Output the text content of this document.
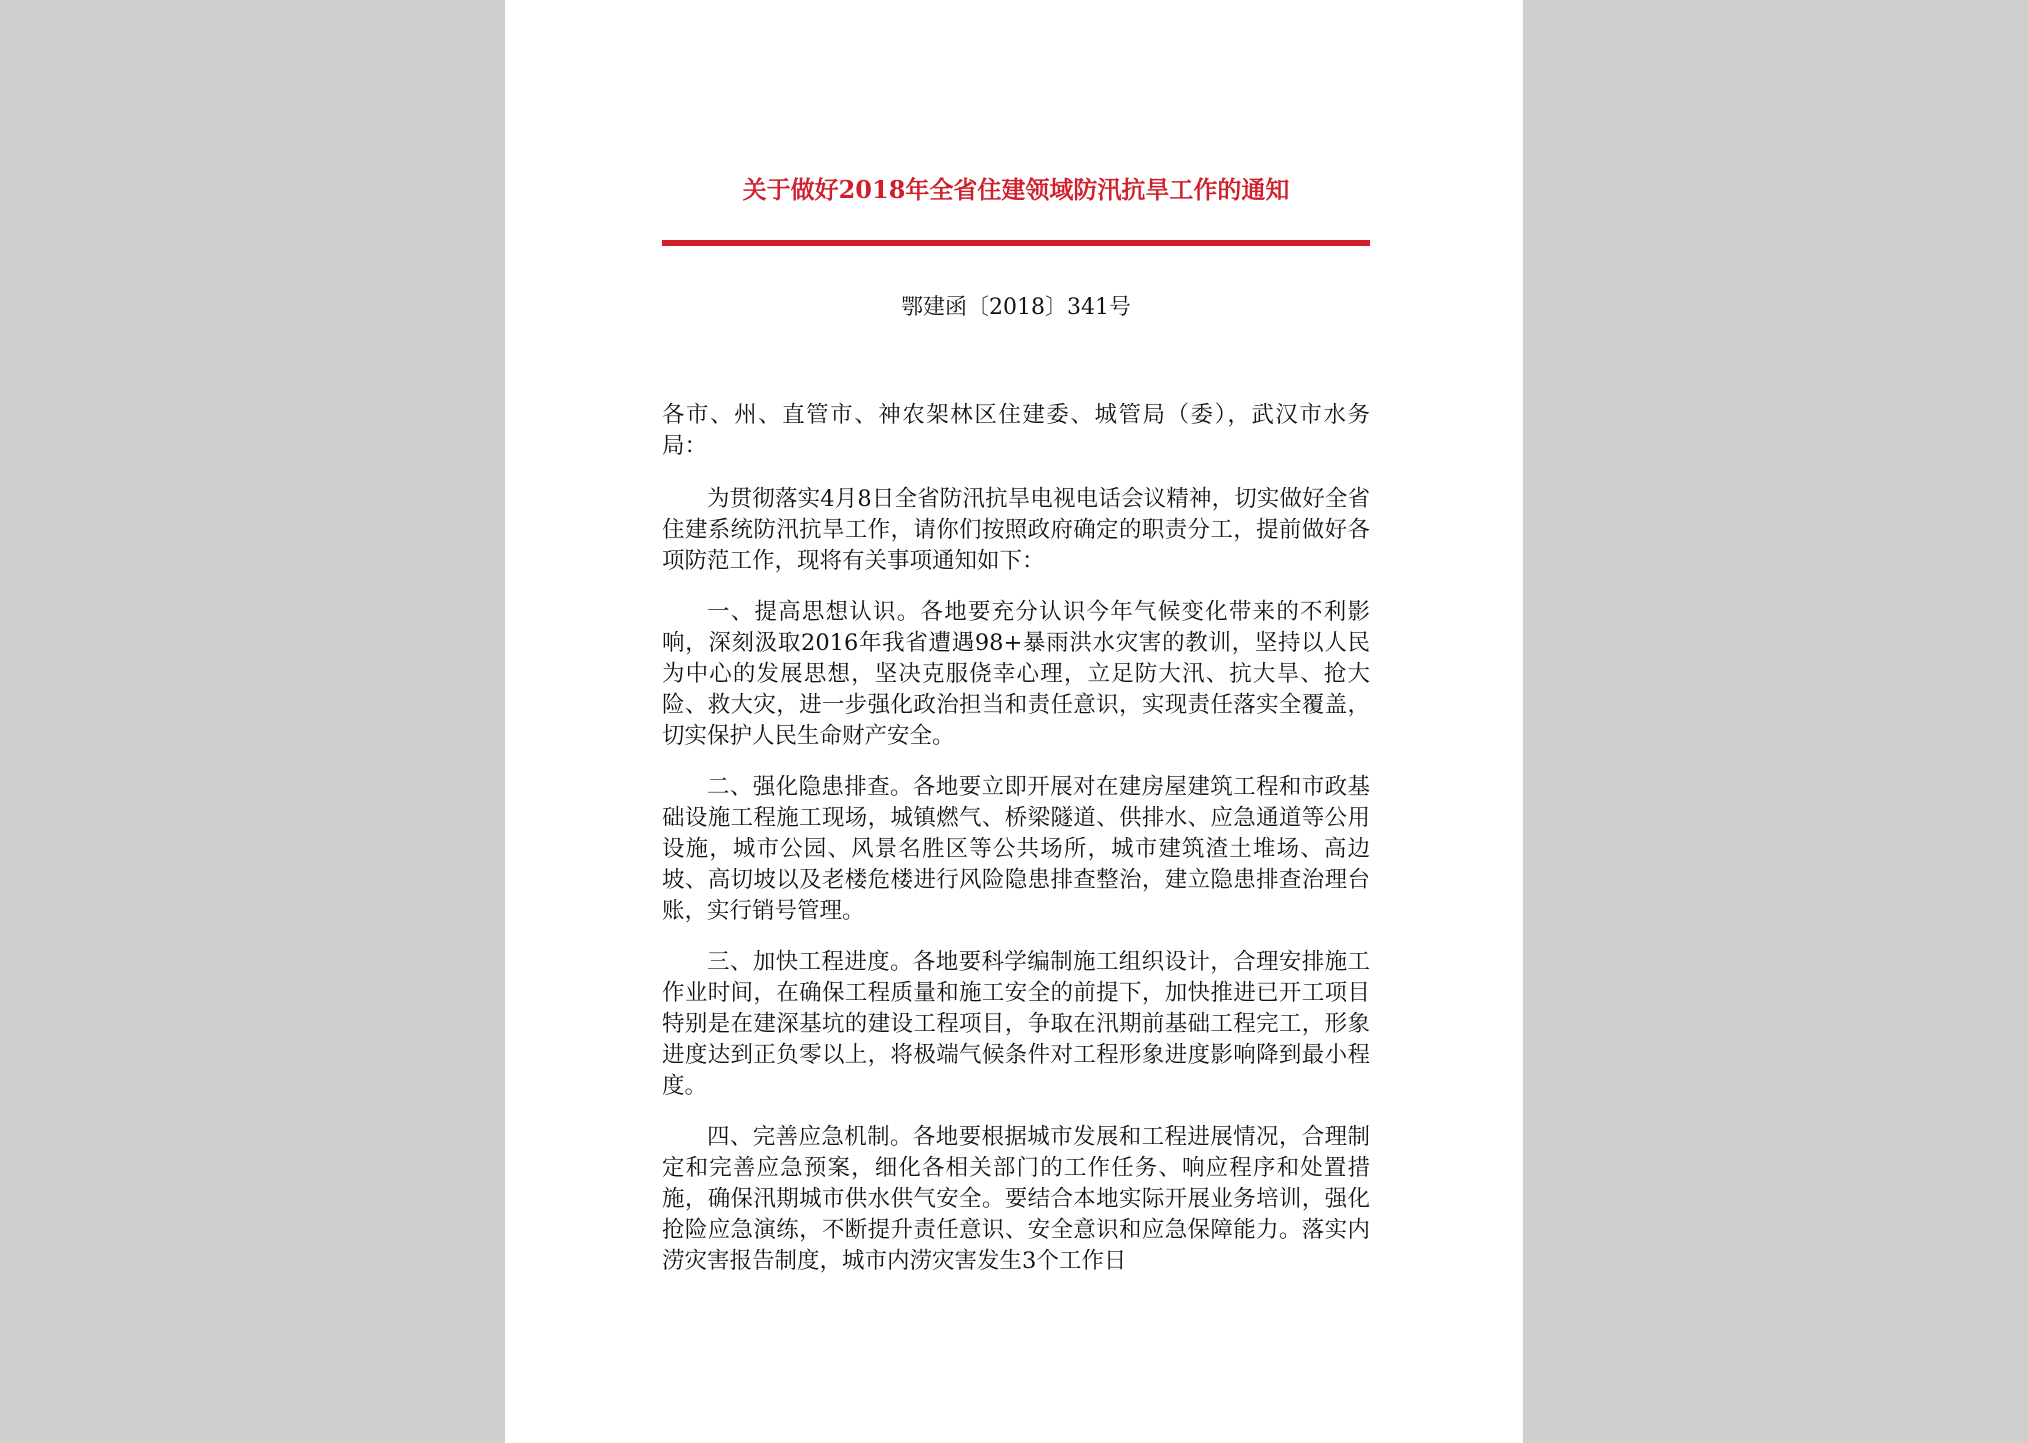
关于做好2018年全省住建领域防汛抗旱工作的通知
鄂建函〔2018〕341号

各市、州、直管市、神农架林区住建委、城管局（委），武汉市水务局：

为贯彻落实4月8日全省防汛抗旱电视电话会议精神，切实做好全省住建系统防汛抗旱工作，请你们按照政府确定的职责分工，提前做好各项防范工作，现将有关事项通知如下：

一、提高思想认识。各地要充分认识今年气候变化带来的不利影响，深刻汲取2016年我省遭遇98+暴雨洪水灾害的教训，坚持以人民为中心的发展思想，坚决克服侥幸心理，立足防大汛、抗大旱、抢大险、救大灾，进一步强化政治担当和责任意识，实现责任落实全覆盖，切实保护人民生命财产安全。

二、强化隐患排查。各地要立即开展对在建房屋建筑工程和市政基础设施工程施工现场，城镇燃气、桥梁隧道、供排水、应急通道等公用设施，城市公园、风景名胜区等公共场所，城市建筑渣土堆场、高边坡、高切坡以及老楼危楼进行风险隐患排查整治，建立隐患排查治理台账，实行销号管理。

三、加快工程进度。各地要科学编制施工组织设计，合理安排施工作业时间，在确保工程质量和施工安全的前提下，加快推进已开工项目特别是在建深基坑的建设工程项目，争取在汛期前基础工程完工，形象进度达到正负零以上，将极端气候条件对工程形象进度影响降到最小程度。

四、完善应急机制。各地要根据城市发展和工程进展情况，合理制定和完善应急预案，细化各相关部门的工作任务、响应程序和处置措施，确保汛期城市供水供气安全。要结合本地实际开展业务培训，强化抢险应急演练，不断提升责任意识、安全意识和应急保障能力。落实内涝灾害报告制度，城市内涝灾害发生3个工作日
